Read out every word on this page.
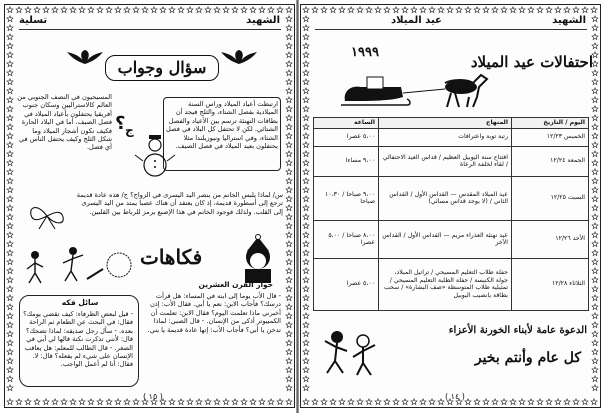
الشهيد
تسلية
سؤال وجواب
ارتبطت أعياد الميلاد وراس السنة الميلادية بفصل الشتاء، والثلج فيجد أن بطاقات التهنئة ترسم بين الأعياد والفصل الشتائي. لكن لا تحتفل كل البلاد في فصل الشتاء، وفي استراليا ونيوزيلندا مثلا يحتفلون بعيد الميلاد في فصل الصيف.
المسيحيون في النصف الجنوبي من العالم كالاستراليين وسكان جنوب أفريقيا يحتفلون بأعياد الميلاد في فصل الصيف. أما في البلاد الحارة فكيف تكون أشجار الميلاد وما شكل الثلج وكيف يحتفل الناس في أي فصل.
؟ ج
س/ لماذا يلبس الخاتم من بنصر اليد اليسرى في الزواج؟ ج/ هذه عادة قديمة ترجع إلى أسطورة قديمة، إذ كان يعتقد أن هناك عصبا يمتد من اليد اليسرى إلى القلب. ولذلك فوجود الخاتم في هذا الإصبع يرمز للرباط بين القلبين.
فكاهات
حوار القرن العشرين
- قال الأب يوما إلى ابنه في المساء: هل قرأت درسك؟ فأجاب الابن: نعم يا أبي. فقال الأب: إذن أخبرني ماذا تعلمت اليوم؟ فقال الابن: تعلمت أن الكمبيوتر أذكى من الإنسان. - قال الصبي: لماذا تدخن يا أبي؟ فأجاب الأب: إنها عادة قديمة يا بني.
سائل فكه
- قيل لبعض الظرفاء: كيف تقضي يومك؟ فقال: في البحث عن الطعام ثم الراحة بعده. - سأل رجل صديقه: لماذا تضحك؟ قال: لأنني تذكرت نكتة قالها لي أبي في الصغر. - قال الطالب للمعلم: هل يعاقب الإنسان على شيء لم يفعله؟ قال: لا. فقال: أنا لم أعمل الواجب.
( ١٥ )
الشهيد
عيد الميلاد
١٩٩٩
احتفالات عيد الميلاد
اليوم / التاريخ	المنهاج	الساعة
الخميس ١٢/٢٣	رتبة توبة واعترافات	٥،٠٠ عصرا
الجمعة ١٢/٢٤	افتتاح سنة اليوبيل العظيم / قداس العيد الاحتفالي / لقاء لخلفة الرعاة	٩،٠٠ مساءا
السبت ١٢/٢٥	عيد الميلاد المقدس — القداس الأول / القداس الثاني / (لا يوجد قداس مسائي)	٩،٠٠ صباحا / ١٠،٣٠ صباحا
الأحد ١٢/٢٦	عيد تهنئة العذراء مريم — القداس الأول / القداس الآخر	٨،٠٠ صباحا / ٥،٠٠ عصرا
الثلاثاء ١٢/٢٨	حفلة طلاب التعليم المسيحي / تراتيل الميلاد، جولة الكنيسة / حفلة الطلبة التعليم المسيحي / تمثيلية طلاب المتوسطة «صف البشارة» / سحب بطاقة يانصيب اليوبيل	٥،٠٠ عصرا
الدعوة عامة لأبناء الخورنة الأعزاء
كل عام وأنتم بخير
( ١٤ )
